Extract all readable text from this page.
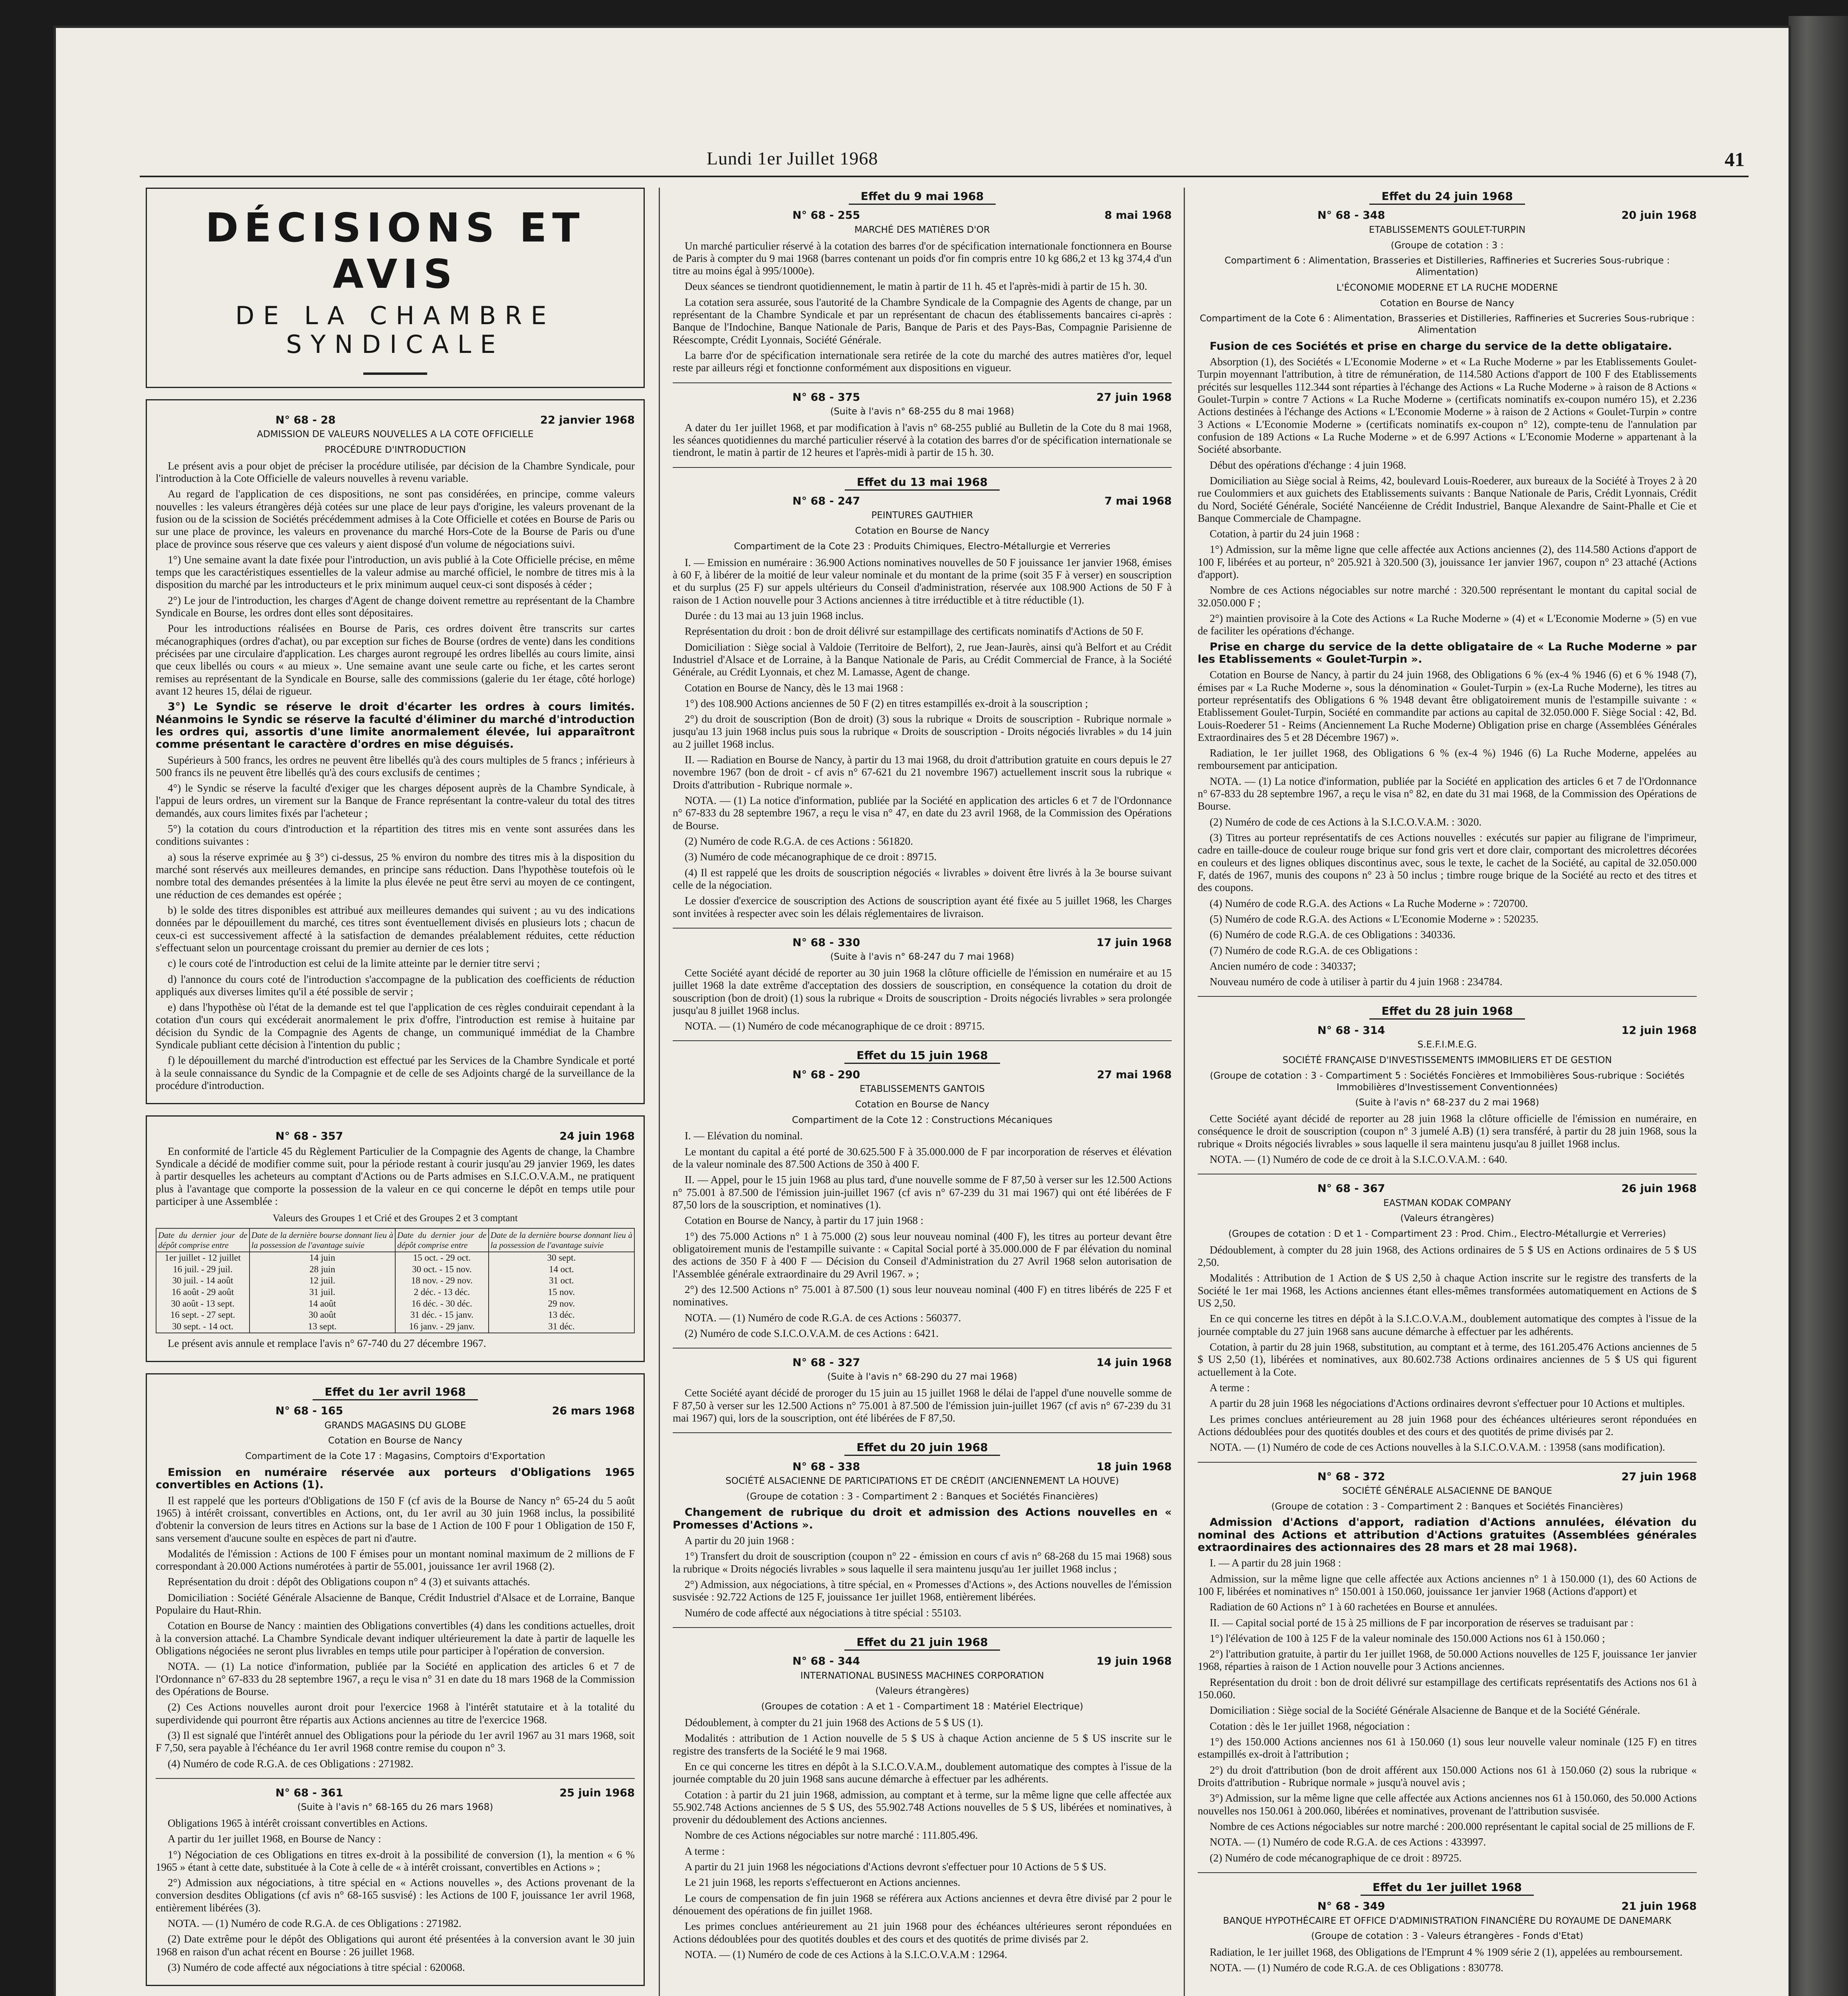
Lundi 1er Juillet 1968	41
DÉCISIONS ET AVIS
DE LA CHAMBRE SYNDICALE
N° 68 - 28	22 janvier 1968
ADMISSION DE VALEURS NOUVELLES A LA COTE OFFICIELLE
PROCÉDURE D'INTRODUCTION

Le présent avis a pour objet de préciser la procédure utilisée, par décision de la Chambre Syndicale, pour l'introduction à la Cote Officielle de valeurs nouvelles à revenu variable.

Au regard de l'application de ces dispositions, ne sont pas considérées, en principe, comme valeurs nouvelles : les valeurs étrangères déjà cotées sur une place de leur pays d'origine, les valeurs provenant de la fusion ou de la scission de Sociétés précédemment admises à la Cote Officielle et cotées en Bourse de Paris ou sur une place de province, les valeurs en provenance du marché Hors-Cote de la Bourse de Paris ou d'une place de province sous réserve que ces valeurs y aient disposé d'un volume de négociations suivi.

1°) Une semaine avant la date fixée pour l'introduction, un avis publié à la Cote Officielle précise, en même temps que les caractéristiques essentielles de la valeur admise au marché officiel, le nombre de titres mis à la disposition du marché par les introducteurs et le prix minimum auquel ceux-ci sont disposés à céder ;

2°) Le jour de l'introduction, les charges d'Agent de change doivent remettre au représentant de la Chambre Syndicale en Bourse, les ordres dont elles sont dépositaires.

Pour les introductions réalisées en Bourse de Paris, ces ordres doivent être transcrits sur cartes mécanographiques (ordres d'achat), ou par exception sur fiches de Bourse (ordres de vente) dans les conditions précisées par une circulaire d'application. Les charges auront regroupé les ordres libellés au cours limite, ainsi que ceux libellés ou cours « au mieux ». Une semaine avant une seule carte ou fiche, et les cartes seront remises au représentant de la Syndicale en Bourse, salle des commissions (galerie du 1er étage, côté horloge) avant 12 heures 15, délai de rigueur.

3°) Le Syndic se réserve le droit d'écarter les ordres à cours limités. Néanmoins le Syndic se réserve la faculté d'éliminer du marché d'introduction les ordres qui, assortis d'une limite anormalement élevée, lui apparaîtront comme présentant le caractère d'ordres en mise déguisés.

Supérieurs à 500 francs, les ordres ne peuvent être libellés qu'à des cours multiples de 5 francs ; inférieurs à 500 francs ils ne peuvent être libellés qu'à des cours exclusifs de centimes ;

4°) le Syndic se réserve la faculté d'exiger que les charges déposent auprès de la Chambre Syndicale, à l'appui de leurs ordres, un virement sur la Banque de France représentant la contre-valeur du total des titres demandés, aux cours limites fixés par l'acheteur ;

5°) la cotation du cours d'introduction et la répartition des titres mis en vente sont assurées dans les conditions suivantes :

a) sous la réserve exprimée au § 3°) ci-dessus, 25 % environ du nombre des titres mis à la disposition du marché sont réservés aux meilleures demandes, en principe sans réduction. Dans l'hypothèse toutefois où le nombre total des demandes présentées à la limite la plus élevée ne peut être servi au moyen de ce contingent, une réduction de ces demandes est opérée ;

b) le solde des titres disponibles est attribué aux meilleures demandes qui suivent ; au vu des indications données par le dépouillement du marché, ces titres sont éventuellement divisés en plusieurs lots ; chacun de ceux-ci est successivement affecté à la satisfaction de demandes préalablement réduites, cette réduction s'effectuant selon un pourcentage croissant du premier au dernier de ces lots ;

c) le cours coté de l'introduction est celui de la limite atteinte par le dernier titre servi ;

d) l'annonce du cours coté de l'introduction s'accompagne de la publication des coefficients de réduction appliqués aux diverses limites qu'il a été possible de servir ;

e) dans l'hypothèse où l'état de la demande est tel que l'application de ces règles conduirait cependant à la cotation d'un cours qui excéderait anormalement le prix d'offre, l'introduction est remise à huitaine par décision du Syndic de la Compagnie des Agents de change, un communiqué immédiat de la Chambre Syndicale publiant cette décision à l'intention du public ;

f) le dépouillement du marché d'introduction est effectué par les Services de la Chambre Syndicale et porté à la seule connaissance du Syndic de la Compagnie et de celle de ses Adjoints chargé de la surveillance de la procédure d'introduction.

N° 68 - 357	24 juin 1968

En conformité de l'article 45 du Règlement Particulier de la Compagnie des Agents de change, la Chambre Syndicale a décidé de modifier comme suit, pour la période restant à courir jusqu'au 29 janvier 1969, les dates à partir desquelles les acheteurs au comptant d'Actions ou de Parts admises en S.I.C.O.V.A.M., ne pratiquent plus à l'avantage que comporte la possession de la valeur en ce qui concerne le dépôt en temps utile pour participer à une Assemblée :

Valeurs des Groupes 1 et Crié et des Groupes 2 et 3 comptant
Date du dernier jour de dépôt comprise entre	Date de la dernière bourse donnant lieu à la possession de l'avantage suivie	Date du dernier jour de dépôt comprise entre	Date de la dernière bourse donnant lieu à la possession de l'avantage suivie
1er juillet - 12 juillet	14 juin	15 oct. - 29 oct.	30 sept.
16 juil. - 29 juil.	28 juin	30 oct. - 15 nov.	14 oct.
30 juil. - 14 août	12 juil.	18 nov. - 29 nov.	31 oct.
16 août - 29 août	31 juil.	2 déc. - 13 déc.	15 nov.
30 août - 13 sept.	14 août	16 déc. - 30 déc.	29 nov.
16 sept. - 27 sept.	30 août	31 déc. - 15 janv.	13 déc.
30 sept. - 14 oct.	13 sept.	16 janv. - 29 janv.	31 déc.

Le présent avis annule et remplace l'avis n° 67-740 du 27 décembre 1967.

Effet du 1er avril 1968
N° 68 - 165	26 mars 1968
GRANDS MAGASINS DU GLOBE
Cotation en Bourse de Nancy
Compartiment de la Cote 17 : Magasins, Comptoirs d'Exportation

Emission en numéraire réservée aux porteurs d'Obligations 1965 convertibles en Actions (1).

Il est rappelé que les porteurs d'Obligations de 150 F (cf avis de la Bourse de Nancy n° 65-24 du 5 août 1965) à intérêt croissant, convertibles en Actions, ont, du 1er avril au 30 juin 1968 inclus, la possibilité d'obtenir la conversion de leurs titres en Actions sur la base de 1 Action de 100 F pour 1 Obligation de 150 F, sans versement d'aucune soulte en espèces de part ni d'autre.

Modalités de l'émission : Actions de 100 F émises pour un montant nominal maximum de 2 millions de F correspondant à 20.000 Actions numérotées à partir de 55.001, jouissance 1er avril 1968 (2).

Représentation du droit : dépôt des Obligations coupon n° 4 (3) et suivants attachés.

Domiciliation : Société Générale Alsacienne de Banque, Crédit Industriel d'Alsace et de Lorraine, Banque Populaire du Haut-Rhin.

Cotation en Bourse de Nancy : maintien des Obligations convertibles (4) dans les conditions actuelles, droit à la conversion attaché. La Chambre Syndicale devant indiquer ultérieurement la date à partir de laquelle les Obligations négociées ne seront plus livrables en temps utile pour participer à l'opération de conversion.

NOTA. — (1) La notice d'information, publiée par la Société en application des articles 6 et 7 de l'Ordonnance n° 67-833 du 28 septembre 1967, a reçu le visa n° 31 en date du 18 mars 1968 de la Commission des Opérations de Bourse.

(2) Ces Actions nouvelles auront droit pour l'exercice 1968 à l'intérêt statutaire et à la totalité du superdividende qui pourront être répartis aux Actions anciennes au titre de l'exercice 1968.

(3) Il est signalé que l'intérêt annuel des Obligations pour la période du 1er avril 1967 au 31 mars 1968, soit F 7,50, sera payable à l'échéance du 1er avril 1968 contre remise du coupon n° 3.

(4) Numéro de code R.G.A. de ces Obligations : 271982.

N° 68 - 361	25 juin 1968
(Suite à l'avis n° 68-165 du 26 mars 1968)

Obligations 1965 à intérêt croissant convertibles en Actions.

A partir du 1er juillet 1968, en Bourse de Nancy :

1°) Négociation de ces Obligations en titres ex-droit à la possibilité de conversion (1), la mention « 6 % 1965 » étant à cette date, substituée à la Cote à celle de « à intérêt croissant, convertibles en Actions » ;

2°) Admission aux négociations, à titre spécial en « Actions nouvelles », des Actions provenant de la conversion desdites Obligations (cf avis n° 68-165 susvisé) : les Actions de 100 F, jouissance 1er avril 1968, entièrement libérées (3).

NOTA. — (1) Numéro de code R.G.A. de ces Obligations : 271982.

(2) Date extrême pour le dépôt des Obligations qui auront été présentées à la conversion avant le 30 juin 1968 en raison d'un achat récent en Bourse : 26 juillet 1968.

(3) Numéro de code affecté aux négociations à titre spécial : 620068.

Effet du 9 mai 1968
N° 68 - 255	8 mai 1968
MARCHÉ DES MATIÈRES D'OR

Un marché particulier réservé à la cotation des barres d'or de spécification internationale fonctionnera en Bourse de Paris à compter du 9 mai 1968 (barres contenant un poids d'or fin compris entre 10 kg 686,2 et 13 kg 374,4 d'un titre au moins égal à 995/1000e).

Deux séances se tiendront quotidiennement, le matin à partir de 11 h. 45 et l'après-midi à partir de 15 h. 30.

La cotation sera assurée, sous l'autorité de la Chambre Syndicale de la Compagnie des Agents de change, par un représentant de la Chambre Syndicale et par un représentant de chacun des établissements bancaires ci-après : Banque de l'Indochine, Banque Nationale de Paris, Banque de Paris et des Pays-Bas, Compagnie Parisienne de Réescompte, Crédit Lyonnais, Société Générale.

La barre d'or de spécification internationale sera retirée de la cote du marché des autres matières d'or, lequel reste par ailleurs régi et fonctionne conformément aux dispositions en vigueur.

N° 68 - 375	27 juin 1968
(Suite à l'avis n° 68-255 du 8 mai 1968)

A dater du 1er juillet 1968, et par modification à l'avis n° 68-255 publié au Bulletin de la Cote du 8 mai 1968, les séances quotidiennes du marché particulier réservé à la cotation des barres d'or de spécification internationale se tiendront, le matin à partir de 12 heures et l'après-midi à partir de 15 h. 30.

Effet du 13 mai 1968
N° 68 - 247	7 mai 1968
PEINTURES GAUTHIER
Cotation en Bourse de Nancy
Compartiment de la Cote 23 : Produits Chimiques, Electro-Métallurgie et Verreries

I. — Emission en numéraire : 36.900 Actions nominatives nouvelles de 50 F jouissance 1er janvier 1968, émises à 60 F, à libérer de la moitié de leur valeur nominale et du montant de la prime (soit 35 F à verser) en souscription et du surplus (25 F) sur appels ultérieurs du Conseil d'administration, réservée aux 108.900 Actions de 50 F à raison de 1 Action nouvelle pour 3 Actions anciennes à titre irréductible et à titre réductible (1).

Durée : du 13 mai au 13 juin 1968 inclus.

Représentation du droit : bon de droit délivré sur estampillage des certificats nominatifs d'Actions de 50 F.

Domiciliation : Siège social à Valdoie (Territoire de Belfort), 2, rue Jean-Jaurès, ainsi qu'à Belfort et au Crédit Industriel d'Alsace et de Lorraine, à la Banque Nationale de Paris, au Crédit Commercial de France, à la Société Générale, au Crédit Lyonnais, et chez M. Lamasse, Agent de change.

Cotation en Bourse de Nancy, dès le 13 mai 1968 :

1°) des 108.900 Actions anciennes de 50 F (2) en titres estampillés ex-droit à la souscription ;

2°) du droit de souscription (Bon de droit) (3) sous la rubrique « Droits de souscription - Rubrique normale » jusqu'au 13 juin 1968 inclus puis sous la rubrique « Droits de souscription - Droits négociés livrables » du 14 juin au 2 juillet 1968 inclus.

II. — Radiation en Bourse de Nancy, à partir du 13 mai 1968, du droit d'attribution gratuite en cours depuis le 27 novembre 1967 (bon de droit - cf avis n° 67-621 du 21 novembre 1967) actuellement inscrit sous la rubrique « Droits d'attribution - Rubrique normale ».

NOTA. — (1) La notice d'information, publiée par la Société en application des articles 6 et 7 de l'Ordonnance n° 67-833 du 28 septembre 1967, a reçu le visa n° 47, en date du 23 avril 1968, de la Commission des Opérations de Bourse.

(2) Numéro de code R.G.A. de ces Actions : 561820.

(3) Numéro de code mécanographique de ce droit : 89715.

(4) Il est rappelé que les droits de souscription négociés « livrables » doivent être livrés à la 3e bourse suivant celle de la négociation.

Le dossier d'exercice de souscription des Actions de souscription ayant été fixée au 5 juillet 1968, les Charges sont invitées à respecter avec soin les délais réglementaires de livraison.

N° 68 - 330	17 juin 1968
(Suite à l'avis n° 68-247 du 7 mai 1968)

Cette Société ayant décidé de reporter au 30 juin 1968 la clôture officielle de l'émission en numéraire et au 15 juillet 1968 la date extrême d'acceptation des dossiers de souscription, en conséquence la cotation du droit de souscription (bon de droit) (1) sous la rubrique « Droits de souscription - Droits négociés livrables » sera prolongée jusqu'au 8 juillet 1968 inclus.

NOTA. — (1) Numéro de code mécanographique de ce droit : 89715.

Effet du 15 juin 1968
N° 68 - 290	27 mai 1968
ETABLISSEMENTS GANTOIS
Cotation en Bourse de Nancy
Compartiment de la Cote 12 : Constructions Mécaniques

I. — Elévation du nominal.

Le montant du capital a été porté de 30.625.500 F à 35.000.000 de F par incorporation de réserves et élévation de la valeur nominale des 87.500 Actions de 350 à 400 F.

II. — Appel, pour le 15 juin 1968 au plus tard, d'une nouvelle somme de F 87,50 à verser sur les 12.500 Actions n° 75.001 à 87.500 de l'émission juin-juillet 1967 (cf avis n° 67-239 du 31 mai 1967) qui ont été libérées de F 87,50 lors de la souscription, et nominatives (1).

Cotation en Bourse de Nancy, à partir du 17 juin 1968 :

1°) des 75.000 Actions n° 1 à 75.000 (2) sous leur nouveau nominal (400 F), les titres au porteur devant être obligatoirement munis de l'estampille suivante : « Capital Social porté à 35.000.000 de F par élévation du nominal des actions de 350 F à 400 F — Décision du Conseil d'Administration du 27 Avril 1968 selon autorisation de l'Assemblée générale extraordinaire du 29 Avril 1967. » ;

2°) des 12.500 Actions n° 75.001 à 87.500 (1) sous leur nouveau nominal (400 F) en titres libérés de 225 F et nominatives.

NOTA. — (1) Numéro de code R.G.A. de ces Actions : 560377.

(2) Numéro de code S.I.C.O.V.A.M. de ces Actions : 6421.

N° 68 - 327	14 juin 1968
(Suite à l'avis n° 68-290 du 27 mai 1968)

Cette Société ayant décidé de proroger du 15 juin au 15 juillet 1968 le délai de l'appel d'une nouvelle somme de F 87,50 à verser sur les 12.500 Actions n° 75.001 à 87.500 de l'émission juin-juillet 1967 (cf avis n° 67-239 du 31 mai 1967) qui, lors de la souscription, ont été libérées de F 87,50.

Effet du 20 juin 1968
N° 68 - 338	18 juin 1968
SOCIÉTÉ ALSACIENNE DE PARTICIPATIONS ET DE CRÉDIT (ANCIENNEMENT LA HOUVE)
(Groupe de cotation : 3 - Compartiment 2 : Banques et Sociétés Financières)

Changement de rubrique du droit et admission des Actions nouvelles en « Promesses d'Actions ».

A partir du 20 juin 1968 :

1°) Transfert du droit de souscription (coupon n° 22 - émission en cours cf avis n° 68-268 du 15 mai 1968) sous la rubrique « Droits négociés livrables » sous laquelle il sera maintenu jusqu'au 1er juillet 1968 inclus ;

2°) Admission, aux négociations, à titre spécial, en « Promesses d'Actions », des Actions nouvelles de l'émission susvisée : 92.722 Actions de 125 F, jouissance 1er juillet 1968, entièrement libérées.

Numéro de code affecté aux négociations à titre spécial : 55103.

Effet du 21 juin 1968
N° 68 - 344	19 juin 1968
INTERNATIONAL BUSINESS MACHINES CORPORATION
(Valeurs étrangères)
(Groupes de cotation : A et 1 - Compartiment 18 : Matériel Electrique)

Dédoublement, à compter du 21 juin 1968 des Actions de 5 $ US (1).

Modalités : attribution de 1 Action nouvelle de 5 $ US à chaque Action ancienne de 5 $ US inscrite sur le registre des transferts de la Société le 9 mai 1968.

En ce qui concerne les titres en dépôt à la S.I.C.O.V.A.M., doublement automatique des comptes à l'issue de la journée comptable du 20 juin 1968 sans aucune démarche à effectuer par les adhérents.

Cotation : à partir du 21 juin 1968, admission, au comptant et à terme, sur la même ligne que celle affectée aux 55.902.748 Actions anciennes de 5 $ US, des 55.902.748 Actions nouvelles de 5 $ US, libérées et nominatives, à provenir du dédoublement des Actions anciennes.

Nombre de ces Actions négociables sur notre marché : 111.805.496.

A terme :

A partir du 21 juin 1968 les négociations d'Actions devront s'effectuer pour 10 Actions de 5 $ US.

Le 21 juin 1968, les reports s'effectueront en Actions anciennes.

Le cours de compensation de fin juin 1968 se référera aux Actions anciennes et devra être divisé par 2 pour le dénouement des opérations de fin juillet 1968.

Les primes conclues antérieurement au 21 juin 1968 pour des échéances ultérieures seront réponduées en Actions dédoublées pour des quotités doubles et des cours et des quotités de prime divisés par 2.

NOTA. — (1) Numéro de code de ces Actions à la S.I.C.O.V.A.M : 12964.

Effet du 24 juin 1968
N° 68 - 348	20 juin 1968
ETABLISSEMENTS GOULET-TURPIN
(Groupe de cotation : 3 :
Compartiment 6 : Alimentation, Brasseries et Distilleries, Raffineries et Sucreries Sous-rubrique : Alimentation)
L'ÉCONOMIE MODERNE ET LA RUCHE MODERNE
Cotation en Bourse de Nancy
Compartiment de la Cote 6 : Alimentation, Brasseries et Distilleries, Raffineries et Sucreries Sous-rubrique : Alimentation

Fusion de ces Sociétés et prise en charge du service de la dette obligataire.

Absorption (1), des Sociétés « L'Economie Moderne » et « La Ruche Moderne » par les Etablissements Goulet-Turpin moyennant l'attribution, à titre de rémunération, de 114.580 Actions d'apport de 100 F des Etablissements précités sur lesquelles 112.344 sont réparties à l'échange des Actions « La Ruche Moderne » à raison de 8 Actions « Goulet-Turpin » contre 7 Actions « La Ruche Moderne » (certificats nominatifs ex-coupon numéro 15), et 2.236 Actions destinées à l'échange des Actions « L'Economie Moderne » à raison de 2 Actions « Goulet-Turpin » contre 3 Actions « L'Economie Moderne » (certificats nominatifs ex-coupon n° 12), compte-tenu de l'annulation par confusion de 189 Actions « La Ruche Moderne » et de 6.997 Actions « L'Economie Moderne » appartenant à la Société absorbante.

Début des opérations d'échange : 4 juin 1968.

Domiciliation au Siège social à Reims, 42, boulevard Louis-Roederer, aux bureaux de la Société à Troyes 2 à 20 rue Coulommiers et aux guichets des Etablissements suivants : Banque Nationale de Paris, Crédit Lyonnais, Crédit du Nord, Société Générale, Société Nancéienne de Crédit Industriel, Banque Alexandre de Saint-Phalle et Cie et Banque Commerciale de Champagne.

Cotation, à partir du 24 juin 1968 :

1°) Admission, sur la même ligne que celle affectée aux Actions anciennes (2), des 114.580 Actions d'apport de 100 F, libérées et au porteur, n° 205.921 à 320.500 (3), jouissance 1er janvier 1967, coupon n° 23 attaché (Actions d'apport).

Nombre de ces Actions négociables sur notre marché : 320.500 représentant le montant du capital social de 32.050.000 F ;

2°) maintien provisoire à la Cote des Actions « La Ruche Moderne » (4) et « L'Economie Moderne » (5) en vue de faciliter les opérations d'échange.

Prise en charge du service de la dette obligataire de « La Ruche Moderne » par les Etablissements « Goulet-Turpin ».

Cotation en Bourse de Nancy, à partir du 24 juin 1968, des Obligations 6 % (ex-4 % 1946 (6) et 6 % 1948 (7), émises par « La Ruche Moderne », sous la dénomination « Goulet-Turpin » (ex-La Ruche Moderne), les titres au porteur représentatifs des Obligations 6 % 1948 devant être obligatoirement munis de l'estampille suivante : « Etablissement Goulet-Turpin, Société en commandite par actions au capital de 32.050.000 F. Siège Social : 42, Bd. Louis-Roederer 51 - Reims (Anciennement La Ruche Moderne) Obligation prise en charge (Assemblées Générales Extraordinaires des 5 et 28 Décembre 1967) ».

Radiation, le 1er juillet 1968, des Obligations 6 % (ex-4 %) 1946 (6) La Ruche Moderne, appelées au remboursement par anticipation.

NOTA. — (1) La notice d'information, publiée par la Société en application des articles 6 et 7 de l'Ordonnance n° 67-833 du 28 septembre 1967, a reçu le visa n° 82, en date du 31 mai 1968, de la Commission des Opérations de Bourse.

(2) Numéro de code de ces Actions à la S.I.C.O.V.A.M. : 3020.

(3) Titres au porteur représentatifs de ces Actions nouvelles : exécutés sur papier au filigrane de l'imprimeur, cadre en taille-douce de couleur rouge brique sur fond gris vert et dore clair, comportant des microlettres décorées en couleurs et des lignes obliques discontinus avec, sous le texte, le cachet de la Société, au capital de 32.050.000 F, datés de 1967, munis des coupons n° 23 à 50 inclus ; timbre rouge brique de la Société au recto et des titres et des coupons.

(4) Numéro de code R.G.A. des Actions « La Ruche Moderne » : 720700.

(5) Numéro de code R.G.A. des Actions « L'Economie Moderne » : 520235.

(6) Numéro de code R.G.A. de ces Obligations : 340336.

(7) Numéro de code R.G.A. de ces Obligations :

Ancien numéro de code : 340337;

Nouveau numéro de code à utiliser à partir du 4 juin 1968 : 234784.

Effet du 28 juin 1968
N° 68 - 314	12 juin 1968
S.E.F.I.M.E.G.
SOCIÉTÉ FRANÇAISE D'INVESTISSEMENTS IMMOBILIERS ET DE GESTION
(Groupe de cotation : 3 - Compartiment 5 : Sociétés Foncières et Immobilières Sous-rubrique : Sociétés Immobilières d'Investissement Conventionnées)
(Suite à l'avis n° 68-237 du 2 mai 1968)

Cette Société ayant décidé de reporter au 28 juin 1968 la clôture officielle de l'émission en numéraire, en conséquence le droit de souscription (coupon n° 3 jumelé A.B) (1) sera transféré, à partir du 28 juin 1968, sous la rubrique « Droits négociés livrables » sous laquelle il sera maintenu jusqu'au 8 juillet 1968 inclus.

NOTA. — (1) Numéro de code de ce droit à la S.I.C.O.V.A.M. : 640.

N° 68 - 367	26 juin 1968
EASTMAN KODAK COMPANY
(Valeurs étrangères)
(Groupes de cotation : D et 1 - Compartiment 23 : Prod. Chim., Electro-Métallurgie et Verreries)

Dédoublement, à compter du 28 juin 1968, des Actions ordinaires de 5 $ US en Actions ordinaires de 5 $ US 2,50.

Modalités : Attribution de 1 Action de $ US 2,50 à chaque Action inscrite sur le registre des transferts de la Société le 1er mai 1968, les Actions anciennes étant elles-mêmes transformées automatiquement en Actions de $ US 2,50.

En ce qui concerne les titres en dépôt à la S.I.C.O.V.A.M., doublement automatique des comptes à l'issue de la journée comptable du 27 juin 1968 sans aucune démarche à effectuer par les adhérents.

Cotation, à partir du 28 juin 1968, substitution, au comptant et à terme, des 161.205.476 Actions anciennes de 5 $ US 2,50 (1), libérées et nominatives, aux 80.602.738 Actions ordinaires anciennes de 5 $ US qui figurent actuellement à la Cote.

A terme :

A partir du 28 juin 1968 les négociations d'Actions ordinaires devront s'effectuer pour 10 Actions et multiples.

Les primes conclues antérieurement au 28 juin 1968 pour des échéances ultérieures seront réponduées en Actions dédoublées pour des quotités doubles et des cours et des quotités de prime divisés par 2.

NOTA. — (1) Numéro de code de ces Actions nouvelles à la S.I.C.O.V.A.M. : 13958 (sans modification).

N° 68 - 372	27 juin 1968
SOCIÉTÉ GÉNÉRALE ALSACIENNE DE BANQUE
(Groupe de cotation : 3 - Compartiment 2 : Banques et Sociétés Financières)

Admission d'Actions d'apport, radiation d'Actions annulées, élévation du nominal des Actions et attribution d'Actions gratuites (Assemblées générales extraordinaires des actionnaires des 28 mars et 28 mai 1968).

I. — A partir du 28 juin 1968 :

Admission, sur la même ligne que celle affectée aux Actions anciennes n° 1 à 150.000 (1), des 60 Actions de 100 F, libérées et nominatives n° 150.001 à 150.060, jouissance 1er janvier 1968 (Actions d'apport) et

Radiation de 60 Actions n° 1 à 60 rachetées en Bourse et annulées.

II. — Capital social porté de 15 à 25 millions de F par incorporation de réserves se traduisant par :

1°) l'élévation de 100 à 125 F de la valeur nominale des 150.000 Actions nos 61 à 150.060 ;

2°) l'attribution gratuite, à partir du 1er juillet 1968, de 50.000 Actions nouvelles de 125 F, jouissance 1er janvier 1968, réparties à raison de 1 Action nouvelle pour 3 Actions anciennes.

Représentation du droit : bon de droit délivré sur estampillage des certificats représentatifs des Actions nos 61 à 150.060.

Domiciliation : Siège social de la Société Générale Alsacienne de Banque et de la Société Générale.

Cotation : dès le 1er juillet 1968, négociation :

1°) des 150.000 Actions anciennes nos 61 à 150.060 (1) sous leur nouvelle valeur nominale (125 F) en titres estampillés ex-droit à l'attribution ;

2°) du droit d'attribution (bon de droit afférent aux 150.000 Actions nos 61 à 150.060 (2) sous la rubrique « Droits d'attribution - Rubrique normale » jusqu'à nouvel avis ;

3°) Admission, sur la même ligne que celle affectée aux Actions anciennes nos 61 à 150.060, des 50.000 Actions nouvelles nos 150.061 à 200.060, libérées et nominatives, provenant de l'attribution susvisée.

Nombre de ces Actions négociables sur notre marché : 200.000 représentant le capital social de 25 millions de F.

NOTA. — (1) Numéro de code R.G.A. de ces Actions : 433997.

(2) Numéro de code mécanographique de ce droit : 89725.

Effet du 1er juillet 1968
N° 68 - 349	21 juin 1968
BANQUE HYPOTHÉCAIRE ET OFFICE D'ADMINISTRATION FINANCIÈRE DU ROYAUME DE DANEMARK
(Groupe de cotation : 3 - Valeurs étrangères - Fonds d'Etat)

Radiation, le 1er juillet 1968, des Obligations de l'Emprunt 4 % 1909 série 2 (1), appelées au remboursement.

NOTA. — (1) Numéro de code R.G.A. de ces Obligations : 830778.
